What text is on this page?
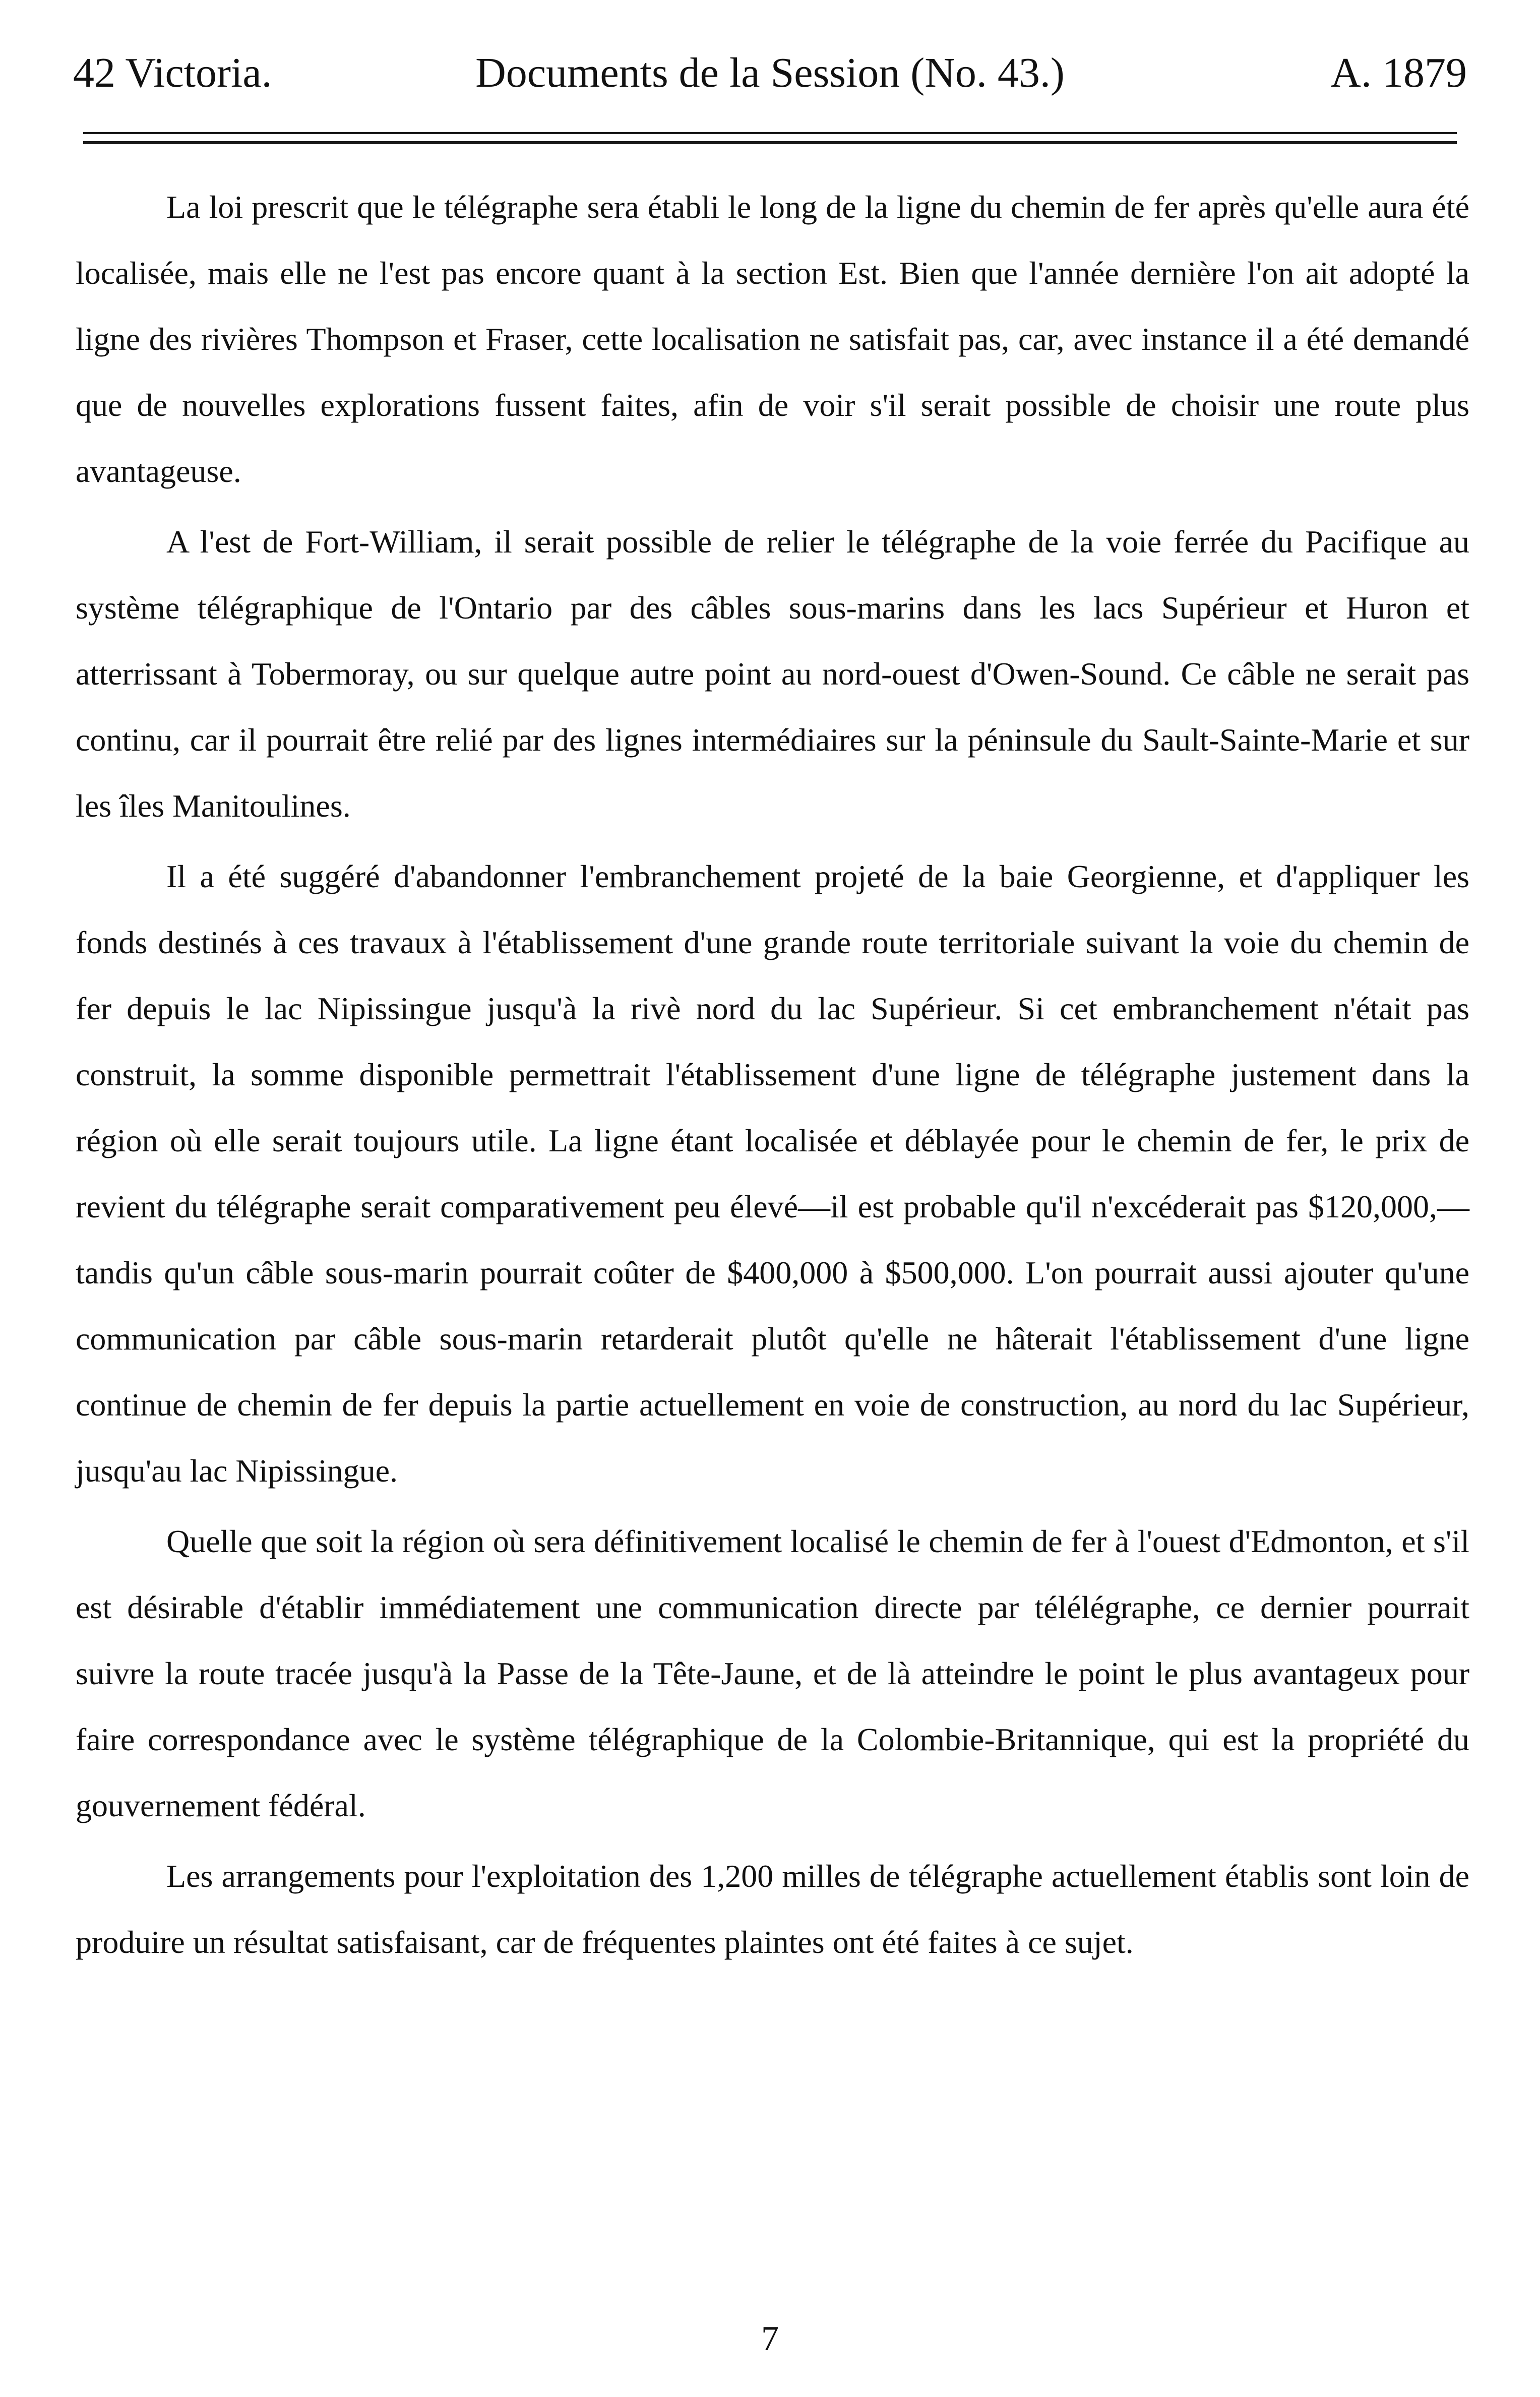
42 Victoria.	Documents de la Session (No. 43.)	A. 1879

La loi prescrit que le télégraphe sera établi le long de la ligne du chemin de fer après qu'elle aura été localisée, mais elle ne l'est pas encore quant à la section Est. Bien que l'année dernière l'on ait adopté la ligne des rivières Thompson et Fraser, cette localisation ne satisfait pas, car, avec instance il a été demandé que de nouvelles explorations fussent faites, afin de voir s'il serait possible de choisir une route plus avantageuse.

A l'est de Fort-William, il serait possible de relier le télégraphe de la voie ferrée du Pacifique au système télégraphique de l'Ontario par des câbles sous-marins dans les lacs Supérieur et Huron et atterrissant à Tobermoray, ou sur quelque autre point au nord-ouest d'Owen-Sound. Ce câble ne serait pas continu, car il pourrait être relié par des lignes intermédiaires sur la péninsule du Sault-Sainte-Marie et sur les îles Manitoulines.

Il a été suggéré d'abandonner l'embranchement projeté de la baie Georgienne, et d'appliquer les fonds destinés à ces travaux à l'établissement d'une grande route territoriale suivant la voie du chemin de fer depuis le lac Nipissingue jusqu'à la rivè nord du lac Supérieur. Si cet embranchement n'était pas construit, la somme disponible permettrait l'établissement d'une ligne de télégraphe justement dans la région où elle serait toujours utile. La ligne étant localisée et déblayée pour le chemin de fer, le prix de revient du télégraphe serait comparativement peu élevé—il est probable qu'il n'excéderait pas $120,000,—tandis qu'un câble sous-marin pourrait coûter de $400,000 à $500,000. L'on pourrait aussi ajouter qu'une communication par câble sous-marin retarderait plutôt qu'elle ne hâterait l'établissement d'une ligne continue de chemin de fer depuis la partie actuellement en voie de construction, au nord du lac Supérieur, jusqu'au lac Nipissingue.

Quelle que soit la région où sera définitivement localisé le chemin de fer à l'ouest d'Edmonton, et s'il est désirable d'établir immédiatement une communication directe par télélégraphe, ce dernier pourrait suivre la route tracée jusqu'à la Passe de la Tête-Jaune, et de là atteindre le point le plus avantageux pour faire correspondance avec le système télégraphique de la Colombie-Britannique, qui est la propriété du gouvernement fédéral.

Les arrangements pour l'exploitation des 1,200 milles de télégraphe actuellement établis sont loin de produire un résultat satisfaisant, car de fréquentes plaintes ont été faites à ce sujet.

7
